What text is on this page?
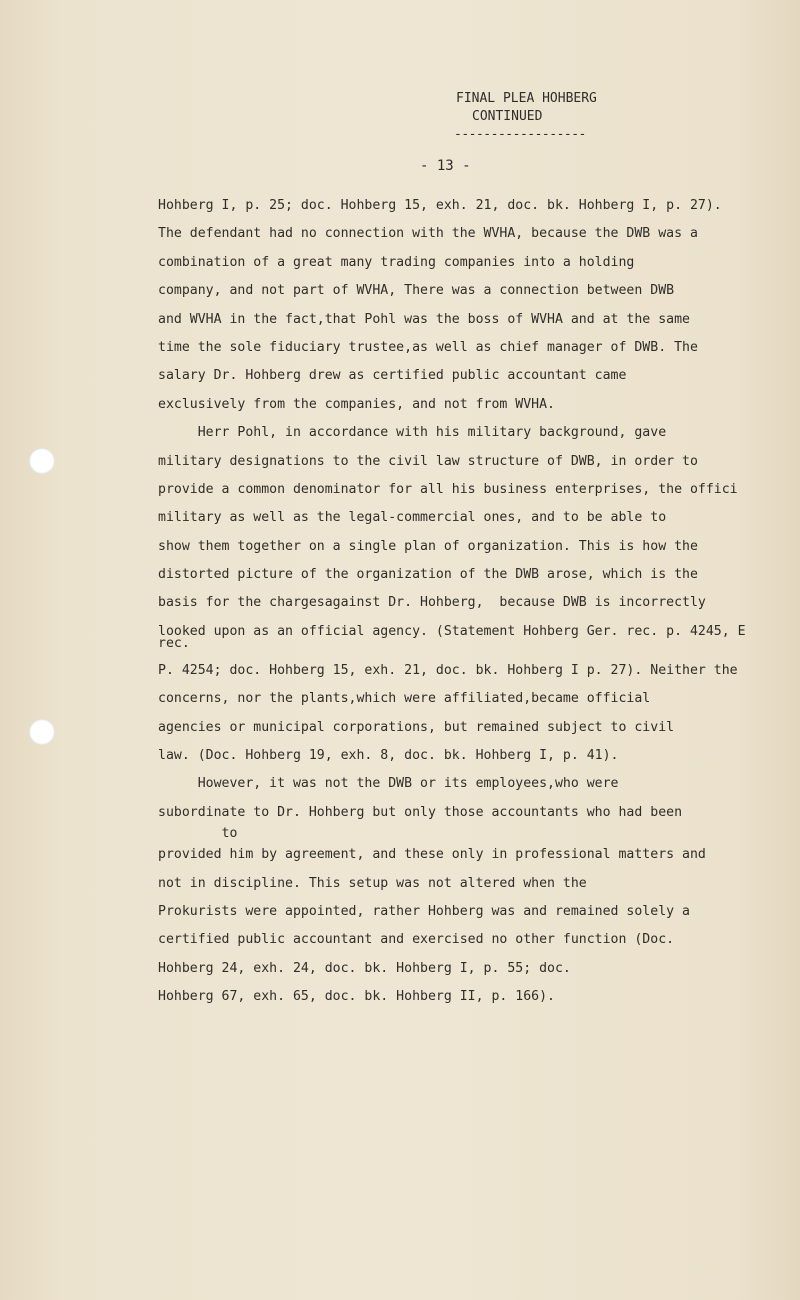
FINAL PLEA HOHBERG
CONTINUED
------------------
- 13 -
Hohberg I, p. 25; doc. Hohberg 15, exh. 21, doc. bk. Hohberg I, p. 27).
The defendant had no connection with the WVHA, because the DWB was a
combination of a great many trading companies into a holding
company, and not part of WVHA, There was a connection between DWB
and WVHA in the fact,that Pohl was the boss of WVHA and at the same
time the sole fiduciary trustee,as well as chief manager of DWB. The
salary Dr. Hohberg drew as certified public accountant came
exclusively from the companies, and not from WVHA.
Herr Pohl, in accordance with his military background, gave
military designations to the civil law structure of DWB, in order to
provide a common denominator for all his business enterprises, the offici
military as well as the legal-commercial ones, and to be able to
show them together on a single plan of organization. This is how the
distorted picture of the organization of the DWB arose, which is the
basis for the chargesagainst Dr. Hohberg,  because DWB is incorrectly
looked upon as an official agency. (Statement Hohberg Ger. rec. p. 4245, E
rec.
P. 4254; doc. Hohberg 15, exh. 21, doc. bk. Hohberg I p. 27). Neither the
concerns, nor the plants,which were affiliated,became official
agencies or municipal corporations, but remained subject to civil
law. (Doc. Hohberg 19, exh. 8, doc. bk. Hohberg I, p. 41).
However, it was not the DWB or its employees,who were
subordinate to Dr. Hohberg but only those accountants who had been
to
provided him by agreement, and these only in professional matters and
not in discipline. This setup was not altered when the
Prokurists were appointed, rather Hohberg was and remained solely a
certified public accountant and exercised no other function (Doc.
Hohberg 24, exh. 24, doc. bk. Hohberg I, p. 55; doc.
Hohberg 67, exh. 65, doc. bk. Hohberg II, p. 166).
